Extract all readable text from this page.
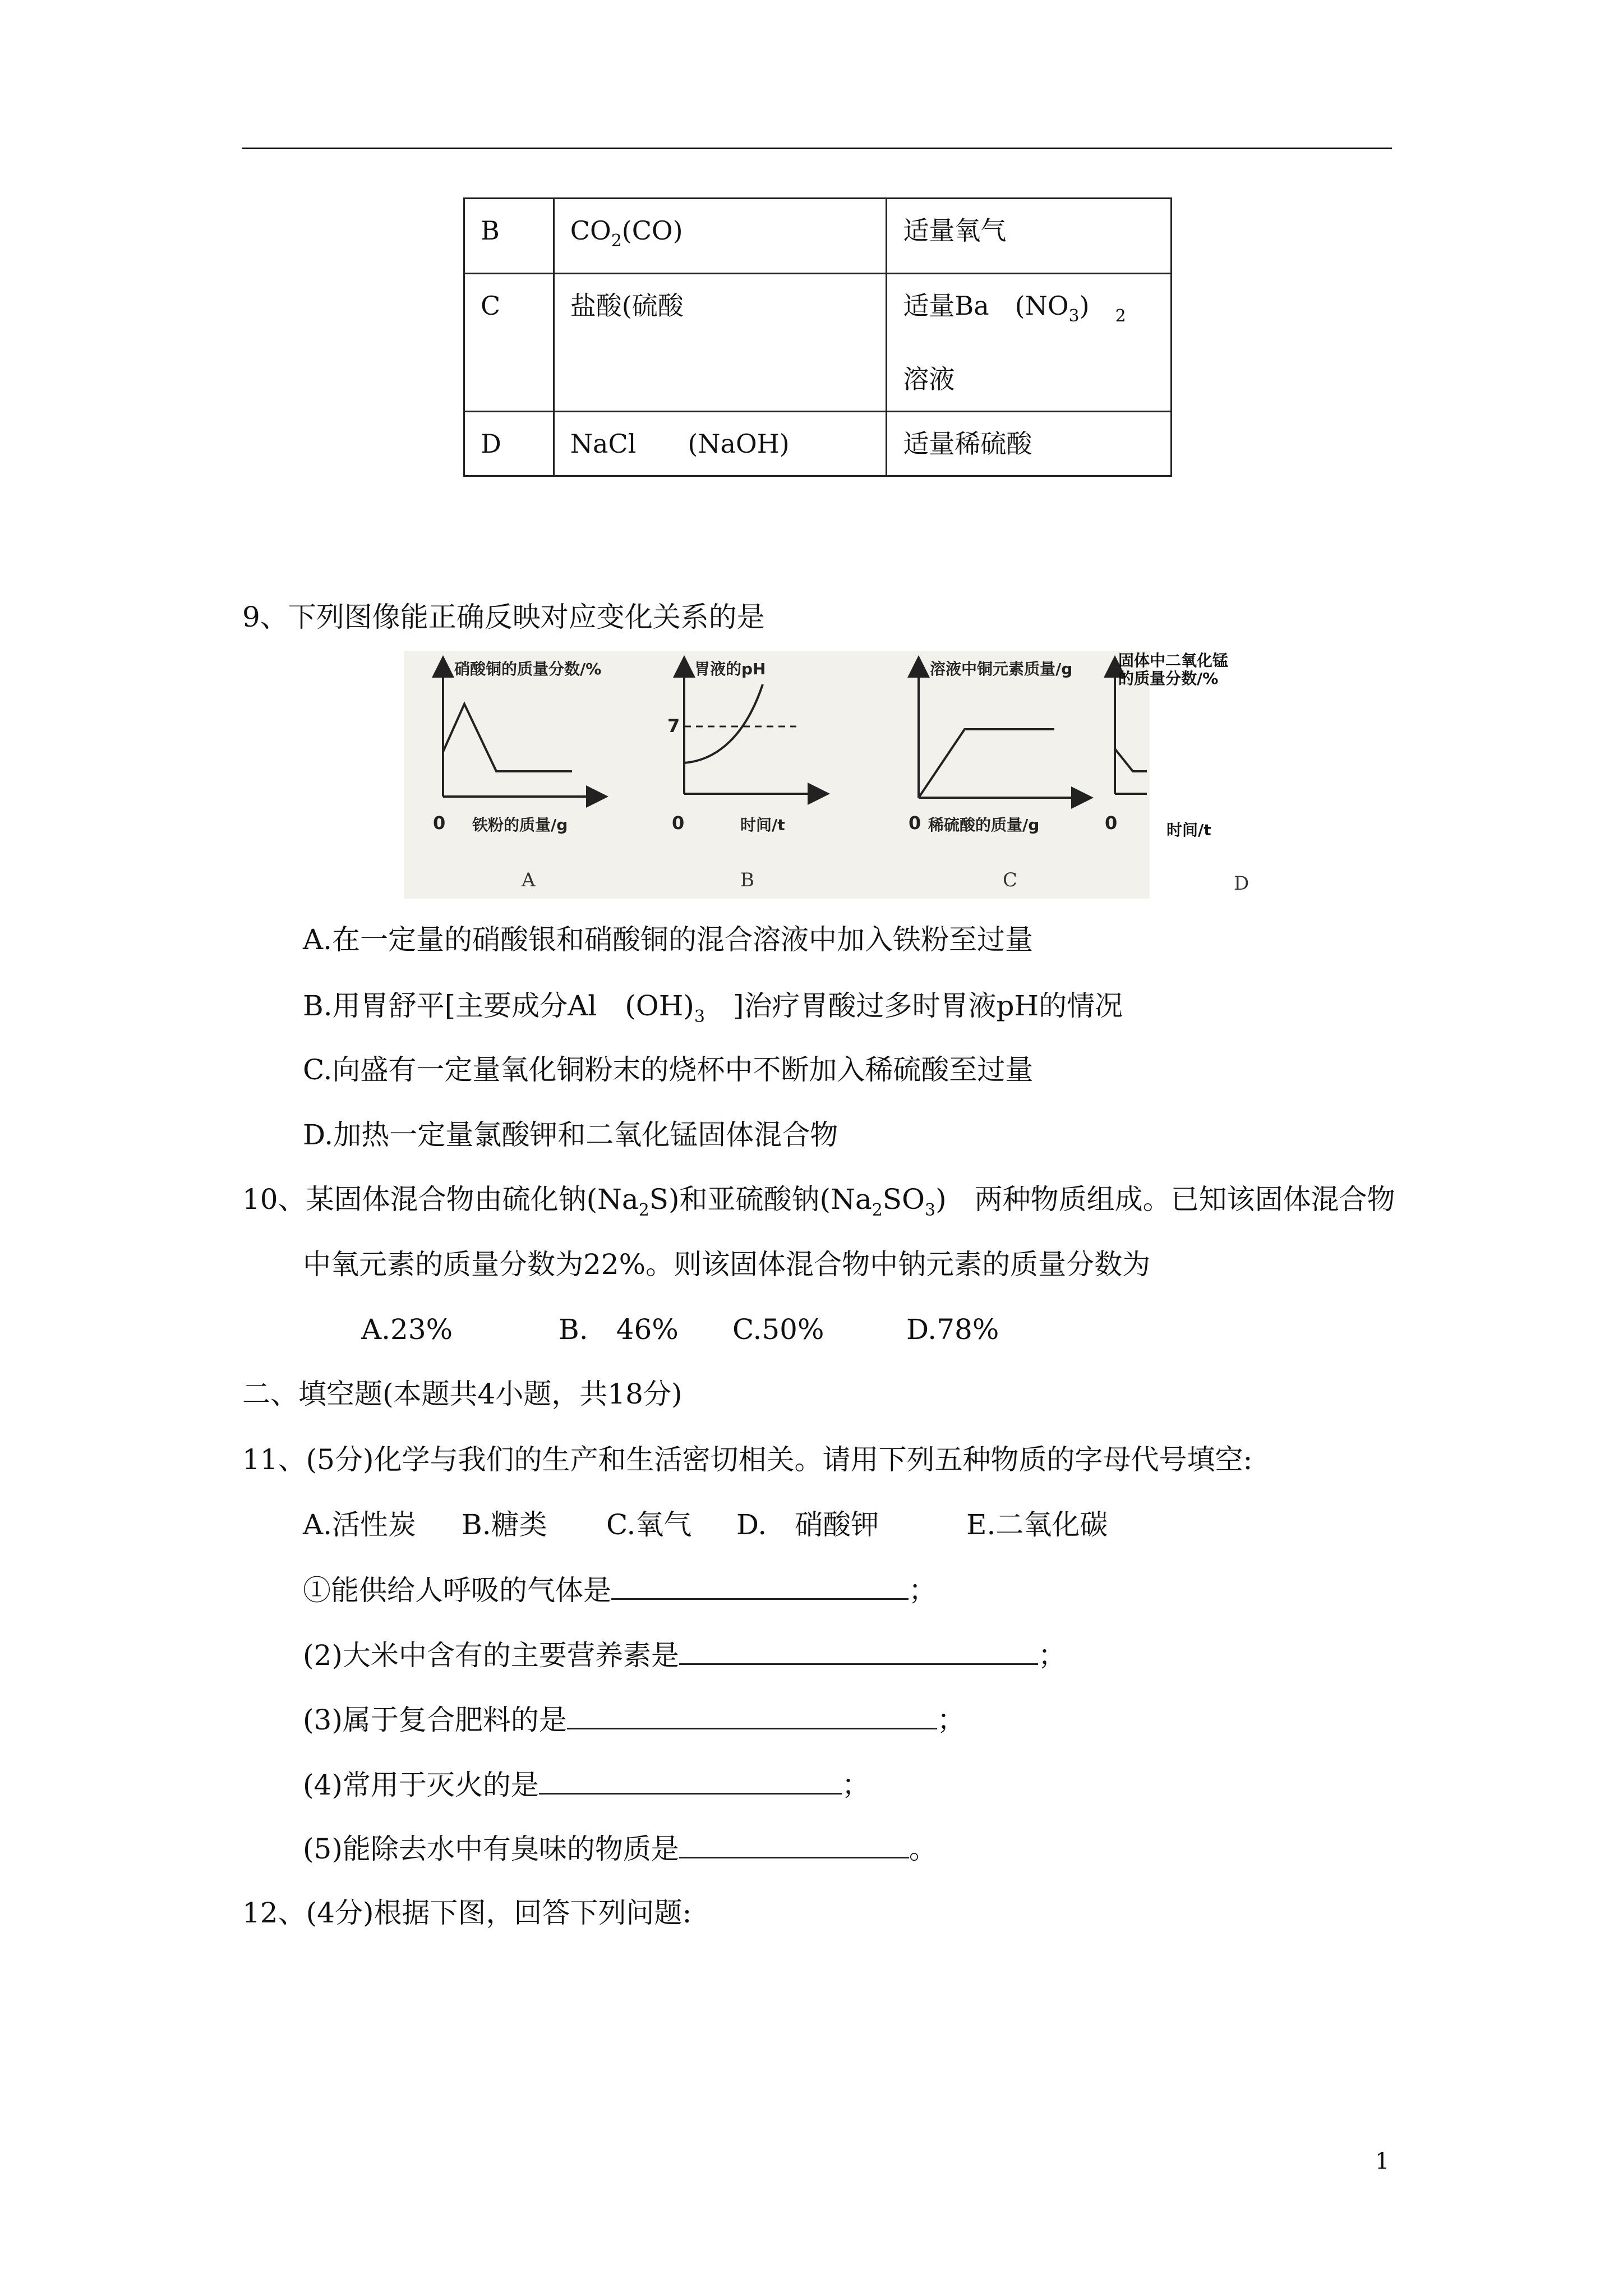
B	$CO_2(CO)$	适量氧气
C	盐酸(硫酸	适量Ba　$(NO_3)$　 $_2$
溶液
D	NaCl　　(NaOH)	适量稀硫酸
9、下列图像能正确反映对应变化关系的是
硝酸铜的质量分数/%
铁粉的质量/g
0
A
胃液的pH
7
时间/t
0
B
溶液中铜元素质量/g
稀硫酸的质量/g
0
C
0
固体中二氧化锰
的质量分数/%
时间/t
D
A.在一定量的硝酸银和硝酸铜的混合溶液中加入铁粉至过量
B.用胃舒平[主要成分Al　$(OH)_3$　]治疗胃酸过多时胃液pH的情况
C.向盛有一定量氧化铜粉末的烧杯中不断加入稀硫酸至过量
D.加热一定量氯酸钾和二氧化锰固体混合物
10、某固体混合物由硫化钠$(Na_2S)$和亚硫酸钠$(Na_2SO_3)$　两种物质组成。已知该固体混合物
中氧元素的质量分数为22%。则该固体混合物中钠元素的质量分数为
A.23%	B.　46% C.50%	D.78%
二、填空题(本题共4小题，共18分)
11、(5分)化学与我们的生产和生活密切相关。请用下列五种物质的字母代号填空:
A.活性炭 B.糖类 C.氧气 D.　硝酸钾	E.二氧化碳
①能供给人呼吸的气体是	；
(2)大米中含有的主要营养素是	；
(3)属于复合肥料的是	；
(4)常用于灭火的是	；
(5)能除去水中有臭味的物质是	。
12、(4分)根据下图，回答下列问题:
1
